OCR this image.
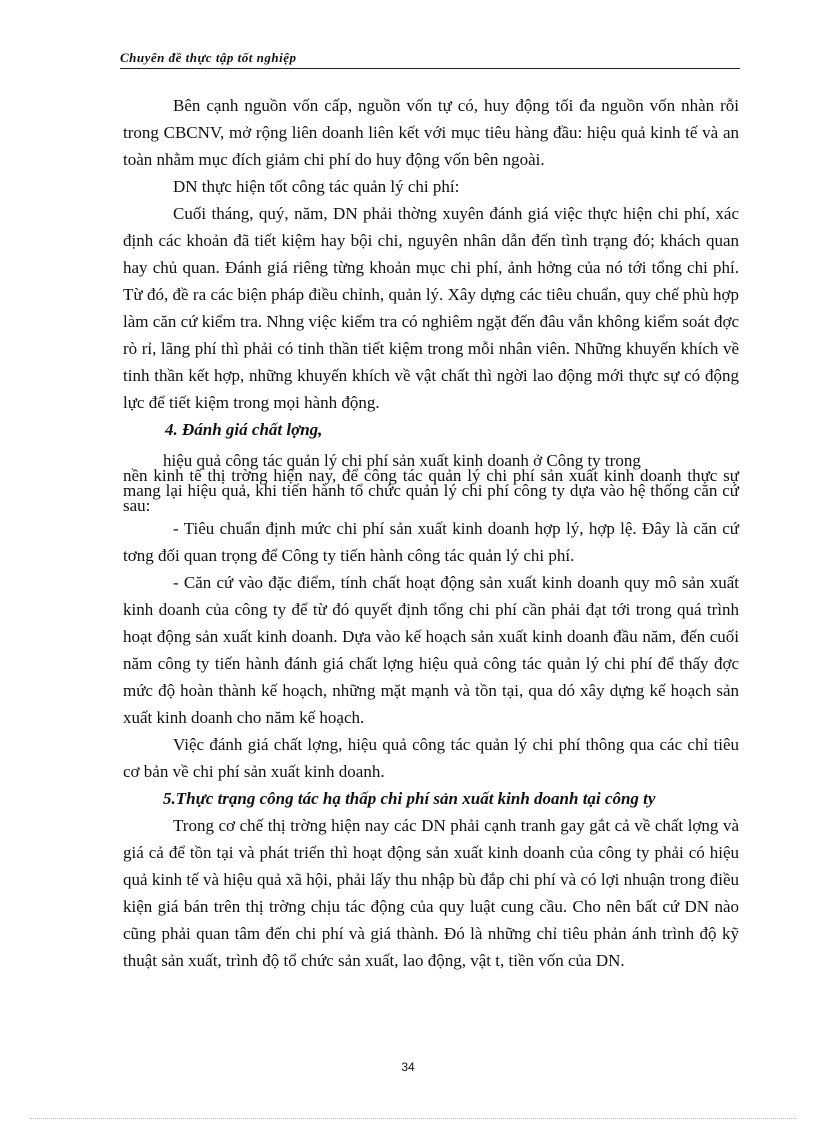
Chuyên đề thực tập tốt nghiệp

Bên cạnh nguồn vốn cấp, nguồn vốn tự có, huy động tối đa nguồn vốn nhàn rỗi trong CBCNV, mở rộng liên doanh liên kết với mục tiêu hàng đầu: hiệu quả kinh tế và an toàn nhằm mục đích giảm chi phí do huy động vốn bên ngoài.

DN thực hiện tốt công tác quản lý chi phí:

Cuối tháng, quý, năm, DN phải thờng xuyên đánh giá việc thực hiện chi phí, xác định các khoản đã tiết kiệm hay bội chi, nguyên nhân dẫn đến tình trạng đó; khách quan hay chủ quan. Đánh giá riêng từng khoản mục chi phí, ảnh hởng của nó tới tổng chi phí. Từ đó, đề ra các biện pháp điều chỉnh, quản lý. Xây dựng các tiêu chuẩn, quy chế phù hợp làm căn cứ kiểm tra. Nhng việc kiểm tra có nghiêm ngặt đến đâu vẫn không kiểm soát đợc rò rỉ, lãng phí thì phải có tinh thần tiết kiệm trong mỗi nhân viên. Những khuyến khích về tinh thần kết hợp, những khuyến khích về vật chất thì ngời lao động mới thực sự có động lực để tiết kiệm trong mọi hành động.

4. Đánh giá chất lợng,

hiệu quả công tác quản lý chi phí sản xuất kinh doanh ở Công ty trong
nền kinh tế thị trờng hiện nay, để công tác quản lý chi phí sản xuất kinh doanh thực sự mang lại hiệu quả, khi tiến hành tổ chức quản lý chi phí công ty dựa vào hệ thống căn cứ sau:

- Tiêu chuẩn định mức chi phí sản xuất kinh doanh hợp lý, hợp lệ. Đây là căn cứ tơng đối quan trọng để Công ty tiến hành công tác quản lý chi phí.

- Căn cứ vào đặc điểm, tính chất hoạt động sản xuất kinh doanh quy mô sản xuất kinh doanh của công ty để từ đó quyết định tổng chi phí cần phải đạt tới trong quá trình hoạt động sản xuất kinh doanh. Dựa vào kế hoạch sản xuất kinh doanh đầu năm, đến cuối năm công ty tiến hành đánh giá chất lợng hiệu quả công tác quản lý chi phí để thấy đợc mức độ hoàn thành kế hoạch, những mặt mạnh và tồn tại, qua dó xây dựng kế hoạch sản xuất kinh doanh cho năm kế hoạch.

Việc đánh giá chất lợng, hiệu quả công tác quản lý chi phí thông qua các chỉ tiêu cơ bản về chi phí sản xuất kinh doanh.

5.Thực trạng công tác hạ thấp chi phí sản xuất kinh doanh tại công ty

Trong cơ chế thị trờng hiện nay các DN phải cạnh tranh gay gắt cả về chất lợng và giá cả để tồn tại và phát triển thì hoạt động sản xuất kinh doanh của công ty phải có hiệu quả kinh tế và hiệu quả xã hội, phải lấy thu nhập bù đắp chi phí và có lợi nhuận trong điều kiện giá bán trên thị trờng chịu tác động của quy luật cung cầu. Cho nên bất cứ DN nào cũng phải quan tâm đến chi phí và giá thành. Đó là những chỉ tiêu phản ánh trình độ kỹ thuật sản xuất, trình độ tổ chức sản xuất, lao động, vật t, tiền vốn của DN.

34
